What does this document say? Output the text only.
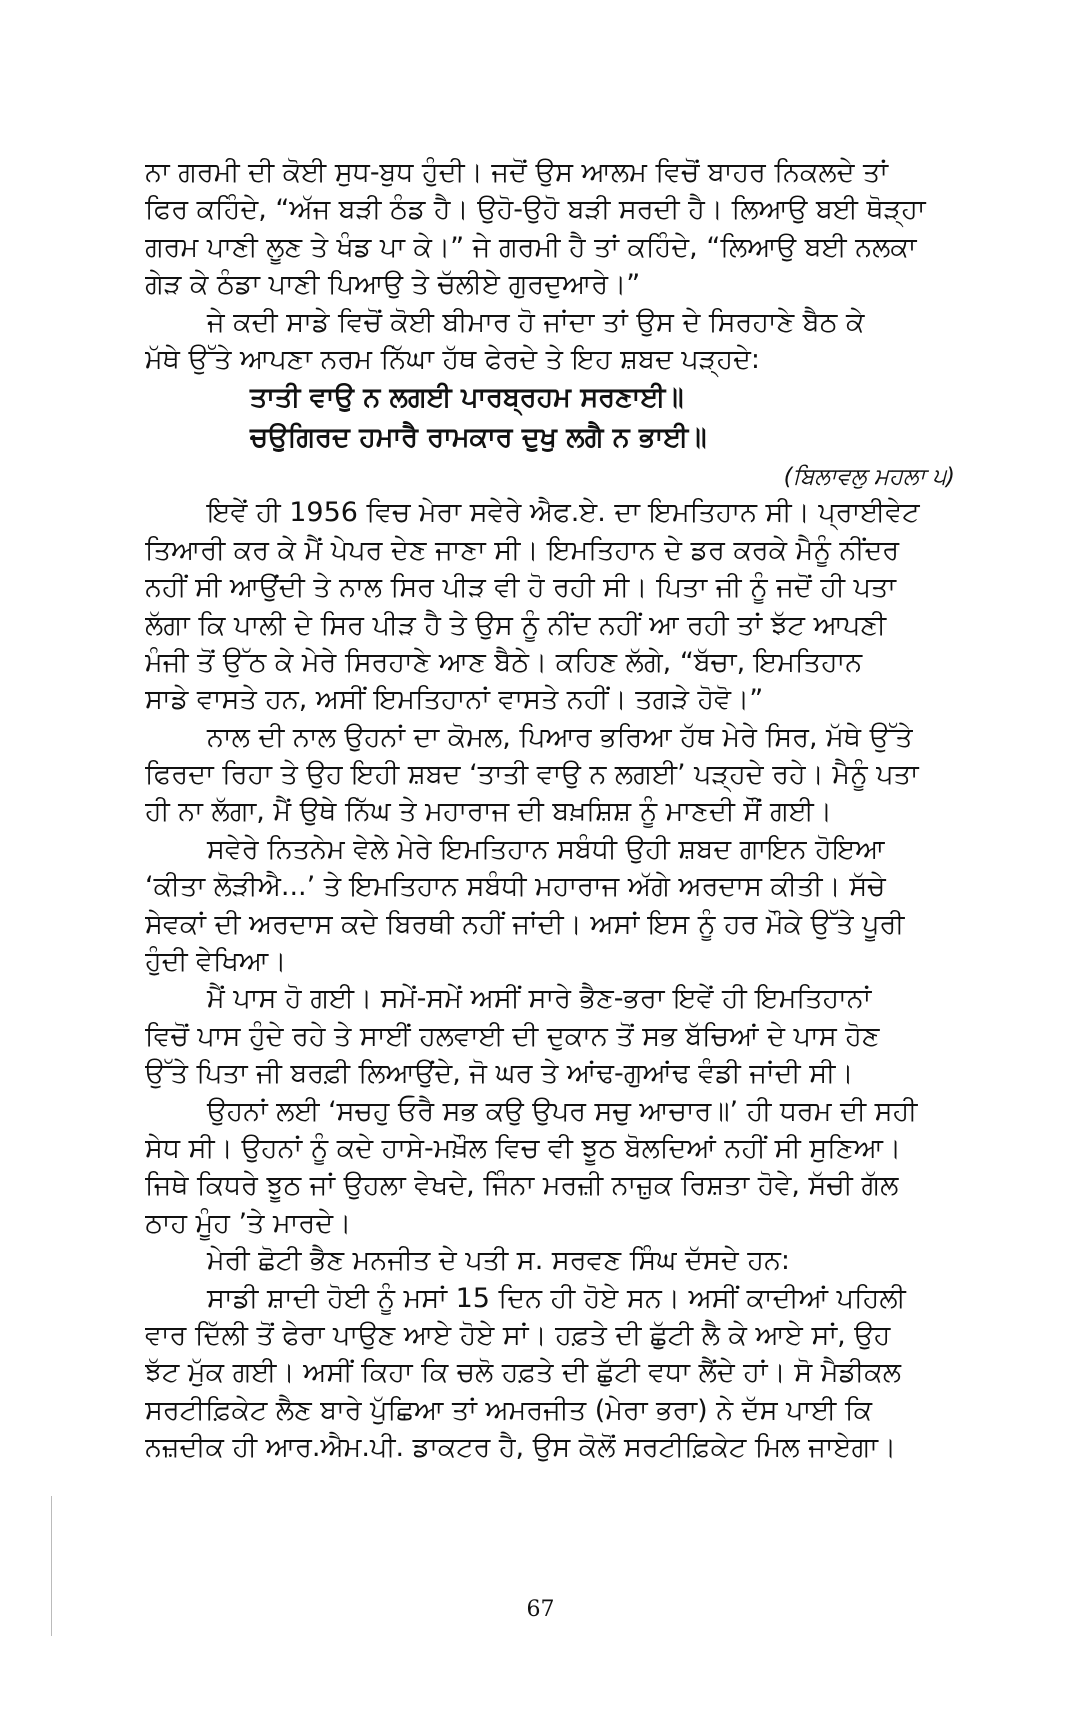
ਨਾ ਗਰਮੀ ਦੀ ਕੋਈ ਸੁਧ-ਬੁਧ ਹੁੰਦੀ। ਜਦੋਂ ਉਸ ਆਲਮ ਵਿਚੋਂ ਬਾਹਰ ਨਿਕਲਦੇ ਤਾਂ
ਫਿਰ ਕਹਿੰਦੇ, “ਅੱਜ ਬੜੀ ਠੰਡ ਹੈ। ਉਹੋ-ਉਹੋ ਬੜੀ ਸਰਦੀ ਹੈ। ਲਿਆਉ ਬਈ ਥੋੜ੍ਹਾ
ਗਰਮ ਪਾਣੀ ਲੂਣ ਤੇ ਖੰਡ ਪਾ ਕੇ।” ਜੇ ਗਰਮੀ ਹੈ ਤਾਂ ਕਹਿੰਦੇ, “ਲਿਆਉ ਬਈ ਨਲਕਾ
ਗੇੜ ਕੇ ਠੰਡਾ ਪਾਣੀ ਪਿਆਉ ਤੇ ਚੱਲੀਏ ਗੁਰਦੁਆਰੇ।”
ਜੇ ਕਦੀ ਸਾਡੇ ਵਿਚੋਂ ਕੋਈ ਬੀਮਾਰ ਹੋ ਜਾਂਦਾ ਤਾਂ ਉਸ ਦੇ ਸਿਰਹਾਣੇ ਬੈਠ ਕੇ
ਮੱਥੇ ਉੱਤੇ ਆਪਣਾ ਨਰਮ ਨਿੱਘਾ ਹੱਥ ਫੇਰਦੇ ਤੇ ਇਹ ਸ਼ਬਦ ਪੜ੍ਹਦੇ:
ਤਾਤੀ ਵਾਉ ਨ ਲਗਈ ਪਾਰਬ੍ਰਹਮ ਸਰਣਾਈ॥
ਚਉਗਿਰਦ ਹਮਾਰੈ ਰਾਮਕਾਰ ਦੁਖੁ ਲਗੈ ਨ ਭਾਈ॥
(ਬਿਲਾਵਲੁ ਮਹਲਾ ੫)
ਇਵੇਂ ਹੀ 1956 ਵਿਚ ਮੇਰਾ ਸਵੇਰੇ ਐਫ.ਏ. ਦਾ ਇਮਤਿਹਾਨ ਸੀ। ਪ੍ਰਾਈਵੇਟ
ਤਿਆਰੀ ਕਰ ਕੇ ਮੈਂ ਪੇਪਰ ਦੇਣ ਜਾਣਾ ਸੀ। ਇਮਤਿਹਾਨ ਦੇ ਡਰ ਕਰਕੇ ਮੈਨੂੰ ਨੀਂਦਰ
ਨਹੀਂ ਸੀ ਆਉਂਦੀ ਤੇ ਨਾਲ ਸਿਰ ਪੀੜ ਵੀ ਹੋ ਰਹੀ ਸੀ। ਪਿਤਾ ਜੀ ਨੂੰ ਜਦੋਂ ਹੀ ਪਤਾ
ਲੱਗਾ ਕਿ ਪਾਲੀ ਦੇ ਸਿਰ ਪੀੜ ਹੈ ਤੇ ਉਸ ਨੂੰ ਨੀਂਦ ਨਹੀਂ ਆ ਰਹੀ ਤਾਂ ਝੱਟ ਆਪਣੀ
ਮੰਜੀ ਤੋਂ ਉੱਠ ਕੇ ਮੇਰੇ ਸਿਰਹਾਣੇ ਆਣ ਬੈਠੇ। ਕਹਿਣ ਲੱਗੇ, “ਬੱਚਾ, ਇਮਤਿਹਾਨ
ਸਾਡੇ ਵਾਸਤੇ ਹਨ, ਅਸੀਂ ਇਮਤਿਹਾਨਾਂ ਵਾਸਤੇ ਨਹੀਂ। ਤਗੜੇ ਹੋਵੋ।”
ਨਾਲ ਦੀ ਨਾਲ ਉਹਨਾਂ ਦਾ ਕੋਮਲ, ਪਿਆਰ ਭਰਿਆ ਹੱਥ ਮੇਰੇ ਸਿਰ, ਮੱਥੇ ਉੱਤੇ
ਫਿਰਦਾ ਰਿਹਾ ਤੇ ਉਹ ਇਹੀ ਸ਼ਬਦ ‘ਤਾਤੀ ਵਾਉ ਨ ਲਗਈ’ ਪੜ੍ਹਦੇ ਰਹੇ। ਮੈਨੂੰ ਪਤਾ
ਹੀ ਨਾ ਲੱਗਾ, ਮੈਂ ਉਥੇ ਨਿੱਘ ਤੇ ਮਹਾਰਾਜ ਦੀ ਬਖ਼ਸ਼ਿਸ਼ ਨੂੰ ਮਾਣਦੀ ਸੌਂ ਗਈ।
ਸਵੇਰੇ ਨਿਤਨੇਮ ਵੇਲੇ ਮੇਰੇ ਇਮਤਿਹਾਨ ਸਬੰਧੀ ਉਹੀ ਸ਼ਬਦ ਗਾਇਨ ਹੋਇਆ
‘ਕੀਤਾ ਲੋੜੀਐ...’ ਤੇ ਇਮਤਿਹਾਨ ਸਬੰਧੀ ਮਹਾਰਾਜ ਅੱਗੇ ਅਰਦਾਸ ਕੀਤੀ। ਸੱਚੇ
ਸੇਵਕਾਂ ਦੀ ਅਰਦਾਸ ਕਦੇ ਬਿਰਥੀ ਨਹੀਂ ਜਾਂਦੀ। ਅਸਾਂ ਇਸ ਨੂੰ ਹਰ ਮੌਕੇ ਉੱਤੇ ਪੂਰੀ
ਹੁੰਦੀ ਵੇਖਿਆ।
ਮੈਂ ਪਾਸ ਹੋ ਗਈ। ਸਮੇਂ-ਸਮੇਂ ਅਸੀਂ ਸਾਰੇ ਭੈਣ-ਭਰਾ ਇਵੇਂ ਹੀ ਇਮਤਿਹਾਨਾਂ
ਵਿਚੋਂ ਪਾਸ ਹੁੰਦੇ ਰਹੇ ਤੇ ਸਾਈਂ ਹਲਵਾਈ ਦੀ ਦੁਕਾਨ ਤੋਂ ਸਭ ਬੱਚਿਆਂ ਦੇ ਪਾਸ ਹੋਣ
ਉੱਤੇ ਪਿਤਾ ਜੀ ਬਰਫ਼ੀ ਲਿਆਉਂਦੇ, ਜੋ ਘਰ ਤੇ ਆਂਢ-ਗੁਆਂਢ ਵੰਡੀ ਜਾਂਦੀ ਸੀ।
ਉਹਨਾਂ ਲਈ ‘ਸਚਹੁ ਓਰੈ ਸਭ ਕਉ ਉਪਰ ਸਚੁ ਆਚਾਰ॥’ ਹੀ ਧਰਮ ਦੀ ਸਹੀ
ਸੇਧ ਸੀ। ਉਹਨਾਂ ਨੂੰ ਕਦੇ ਹਾਸੇ-ਮਖ਼ੌਲ ਵਿਚ ਵੀ ਝੂਠ ਬੋਲਦਿਆਂ ਨਹੀਂ ਸੀ ਸੁਣਿਆ।
ਜਿਥੇ ਕਿਧਰੇ ਝੂਠ ਜਾਂ ਉਹਲਾ ਵੇਖਦੇ, ਜਿੰਨਾ ਮਰਜ਼ੀ ਨਾਜ਼ੁਕ ਰਿਸ਼ਤਾ ਹੋਵੇ, ਸੱਚੀ ਗੱਲ
ਠਾਹ ਮੂੰਹ ’ਤੇ ਮਾਰਦੇ।
ਮੇਰੀ ਛੋਟੀ ਭੈਣ ਮਨਜੀਤ ਦੇ ਪਤੀ ਸ. ਸਰਵਣ ਸਿੰਘ ਦੱਸਦੇ ਹਨ:
ਸਾਡੀ ਸ਼ਾਦੀ ਹੋਈ ਨੂੰ ਮਸਾਂ 15 ਦਿਨ ਹੀ ਹੋਏ ਸਨ। ਅਸੀਂ ਕਾਦੀਆਂ ਪਹਿਲੀ
ਵਾਰ ਦਿੱਲੀ ਤੋਂ ਫੇਰਾ ਪਾਉਣ ਆਏ ਹੋਏ ਸਾਂ। ਹਫ਼ਤੇ ਦੀ ਛੁੱਟੀ ਲੈ ਕੇ ਆਏ ਸਾਂ, ਉਹ
ਝੱਟ ਮੁੱਕ ਗਈ। ਅਸੀਂ ਕਿਹਾ ਕਿ ਚਲੋ ਹਫ਼ਤੇ ਦੀ ਛੁੱਟੀ ਵਧਾ ਲੈਂਦੇ ਹਾਂ। ਸੋ ਮੈਡੀਕਲ
ਸਰਟੀਫ਼ਿਕੇਟ ਲੈਣ ਬਾਰੇ ਪੁੱਛਿਆ ਤਾਂ ਅਮਰਜੀਤ (ਮੇਰਾ ਭਰਾ) ਨੇ ਦੱਸ ਪਾਈ ਕਿ
ਨਜ਼ਦੀਕ ਹੀ ਆਰ.ਐਮ.ਪੀ. ਡਾਕਟਰ ਹੈ, ਉਸ ਕੋਲੋਂ ਸਰਟੀਫ਼ਿਕੇਟ ਮਿਲ ਜਾਏਗਾ।
67
